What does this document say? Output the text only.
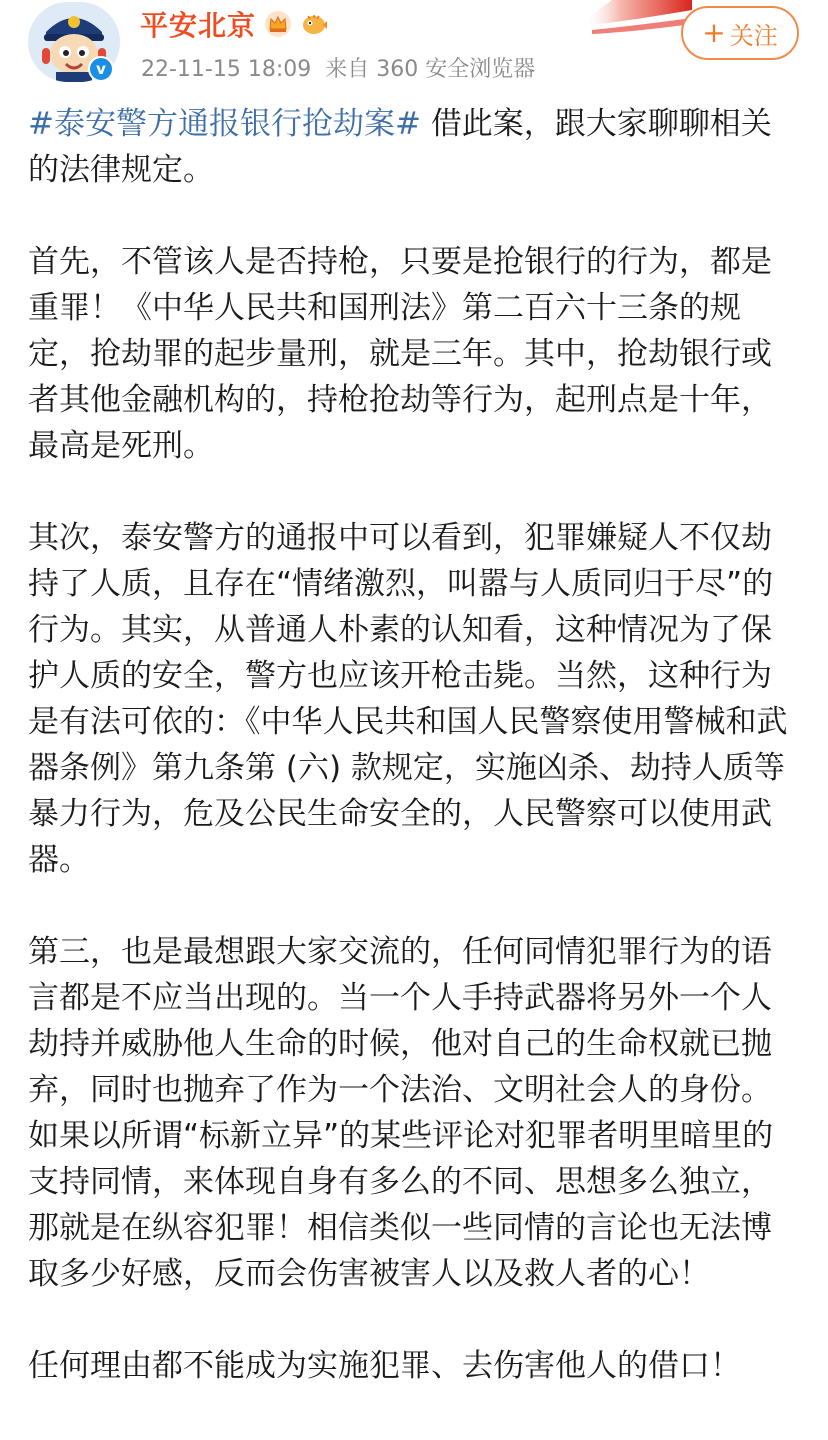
v
平安北京
22-11-15 18:09 来自 360 安全浏览器
+ 关注

#泰安警方通报银行抢劫案# 借此案，跟大家聊聊相关的法律规定。

首先，不管该人是否持枪，只要是抢银行的行为，都是重罪！《中华人民共和国刑法》第二百六十三条的规定，抢劫罪的起步量刑，就是三年。其中，抢劫银行或者其他金融机构的，持枪抢劫等行为，起刑点是十年，最高是死刑。

其次，泰安警方的通报中可以看到，犯罪嫌疑人不仅劫持了人质，且存在“情绪激烈，叫嚣与人质同归于尽”的行为。其实，从普通人朴素的认知看，这种情况为了保护人质的安全，警方也应该开枪击毙。当然，这种行为是有法可依的：《中华人民共和国人民警察使用警械和武器条例》第九条第 (六) 款规定，实施凶杀、劫持人质等暴力行为，危及公民生命安全的，人民警察可以使用武器。

第三，也是最想跟大家交流的，任何同情犯罪行为的语言都是不应当出现的。当一个人手持武器将另外一个人劫持并威胁他人生命的时候，他对自己的生命权就已抛弃，同时也抛弃了作为一个法治、文明社会人的身份。如果以所谓“标新立异”的某些评论对犯罪者明里暗里的支持同情，来体现自身有多么的不同、思想多么独立，那就是在纵容犯罪！相信类似一些同情的言论也无法博取多少好感，反而会伤害被害人以及救人者的心！

任何理由都不能成为实施犯罪、去伤害他人的借口！
